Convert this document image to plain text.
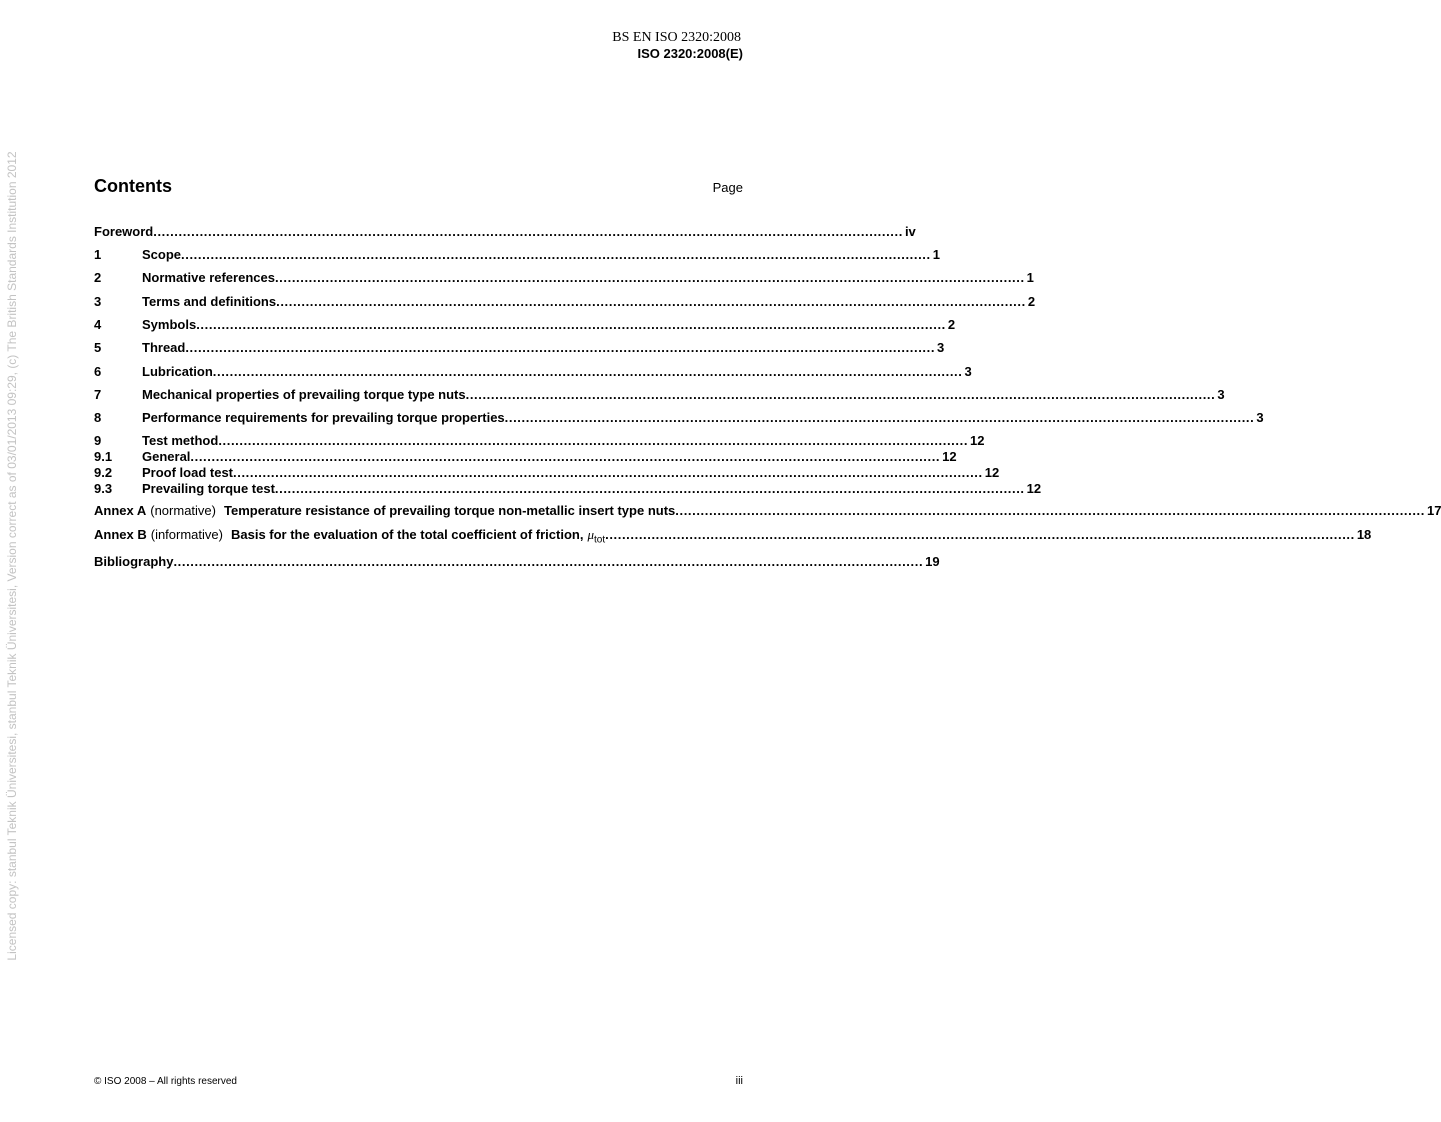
BS EN ISO 2320:2008
ISO 2320:2008(E)
Licensed copy: stanbul Teknik Üniversitesi, stanbul Teknik Üniversitesi, Version correct as of 03/01/2013 09:29, (c) The British Standards Institution 2012	Contents	Page
Foreword .................................................................................................................................................................................. iv
1	Scope .................................................................................................................................................................................. 1
2	Normative references .................................................................................................................................................................................. 1
3	Terms and definitions .................................................................................................................................................................................. 2
4	Symbols .................................................................................................................................................................................. 2
5	Thread .................................................................................................................................................................................. 3
6	Lubrication .................................................................................................................................................................................. 3
7	Mechanical properties of prevailing torque type nuts .................................................................................................................................................................................. 3
8	Performance requirements for prevailing torque properties .................................................................................................................................................................................. 3
9	Test method .................................................................................................................................................................................. 12
9.1	General .................................................................................................................................................................................. 12
9.2	Proof load test .................................................................................................................................................................................. 12
9.3	Prevailing torque test .................................................................................................................................................................................. 12
Annex A (normative) Temperature resistance of prevailing torque non-metallic insert type nuts .................................................................................................................................................................................. 17
Annex B (informative) Basis for the evaluation of the total coefficient of friction, $\mu_{tot}$ .................................................................................................................................................................................. 18
Bibliography .................................................................................................................................................................................. 19
© ISO 2008 – All rights reserved	iii
